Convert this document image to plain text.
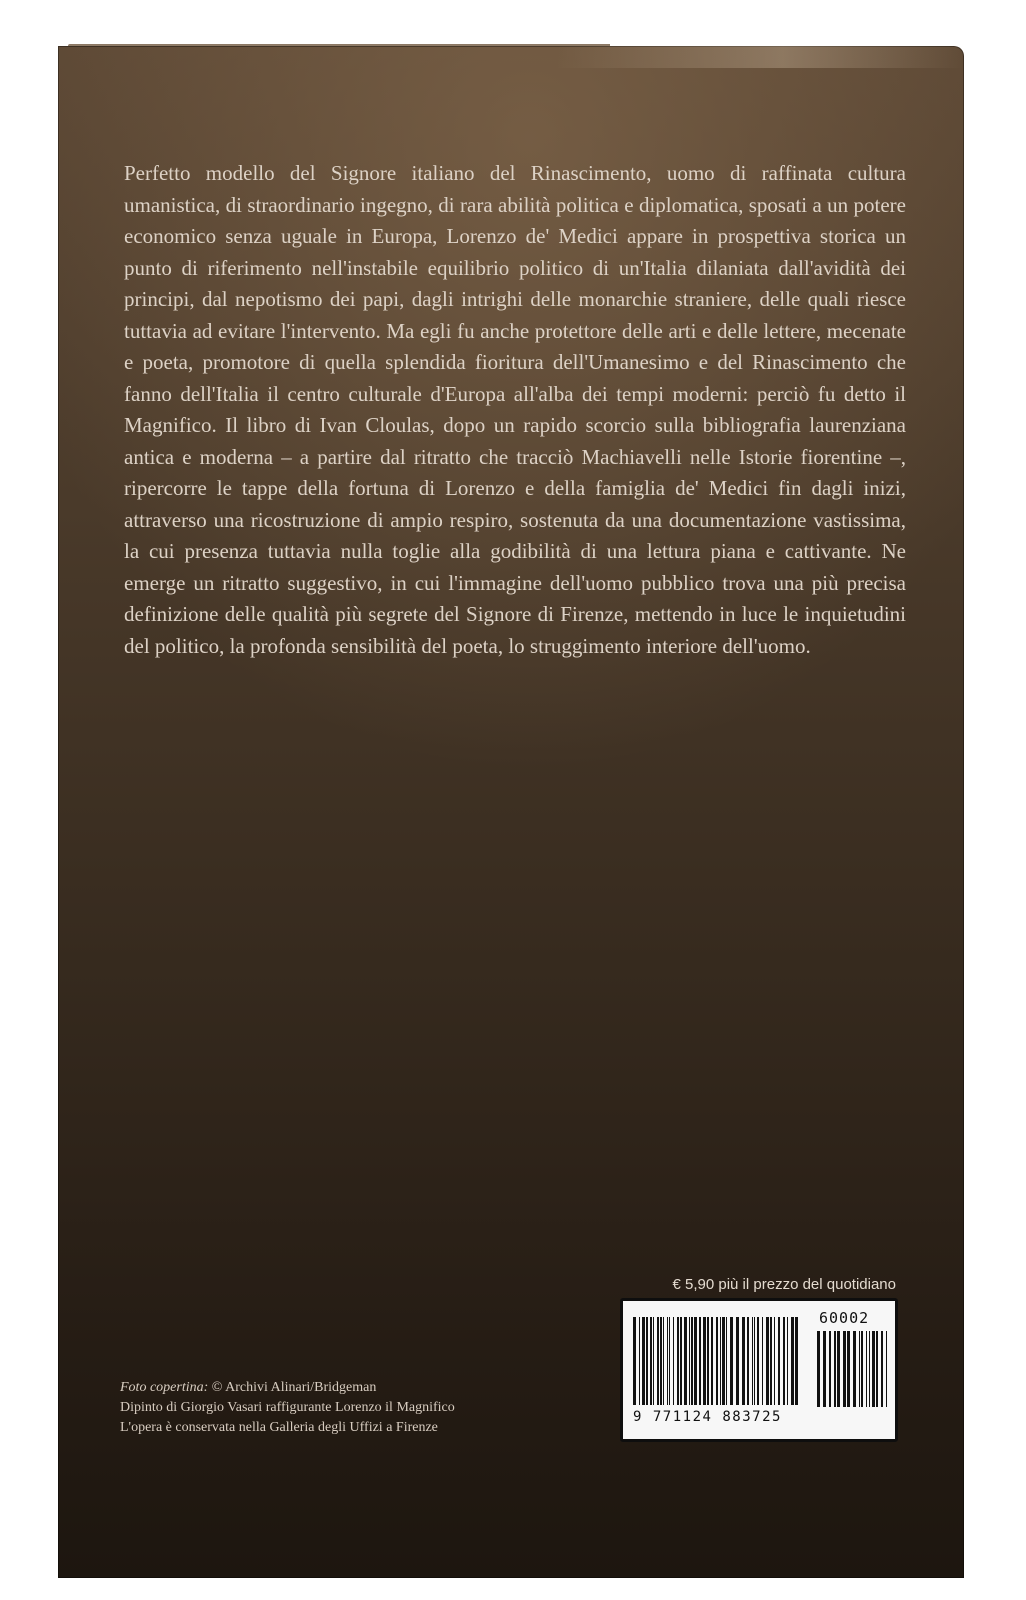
Perfetto modello del Signore italiano del Rinascimento, uomo di raffinata cultura umanistica, di straordinario ingegno, di rara abilità politica e diplomatica, sposati a un potere economico senza uguale in Europa, Lorenzo de' Medici appare in prospettiva storica un punto di riferimento nell'instabile equilibrio politico di un'Italia dilaniata dall'avidità dei principi, dal nepotismo dei papi, dagli intrighi delle monarchie straniere, delle quali riesce tuttavia ad evitare l'intervento. Ma egli fu anche protettore delle arti e delle lettere, mecenate e poeta, promotore di quella splendida fioritura dell'Umanesimo e del Rinascimento che fanno dell'Italia il centro culturale d'Europa all'alba dei tempi moderni: perciò fu detto il Magnifico. Il libro di Ivan Cloulas, dopo un rapido scorcio sulla bibliografia laurenziana antica e moderna – a partire dal ritratto che tracciò Machiavelli nelle Istorie fiorentine –, ripercorre le tappe della fortuna di Lorenzo e della famiglia de' Medici fin dagli inizi, attraverso una ricostruzione di ampio respiro, sostenuta da una documentazione vastissima, la cui presenza tuttavia nulla toglie alla godibilità di una lettura piana e cattivante. Ne emerge un ritratto suggestivo, in cui l'immagine dell'uomo pubblico trova una più precisa definizione delle qualità più segrete del Signore di Firenze, mettendo in luce le inquietudini del politico, la profonda sensibilità del poeta, lo struggimento interiore dell'uomo.

€ 5,90 più il prezzo del quotidiano
60002
9 771124 883725
Foto copertina: © Archivi Alinari/Bridgeman
Dipinto di Giorgio Vasari raffigurante Lorenzo il Magnifico
L'opera è conservata nella Galleria degli Uffizi a Firenze
